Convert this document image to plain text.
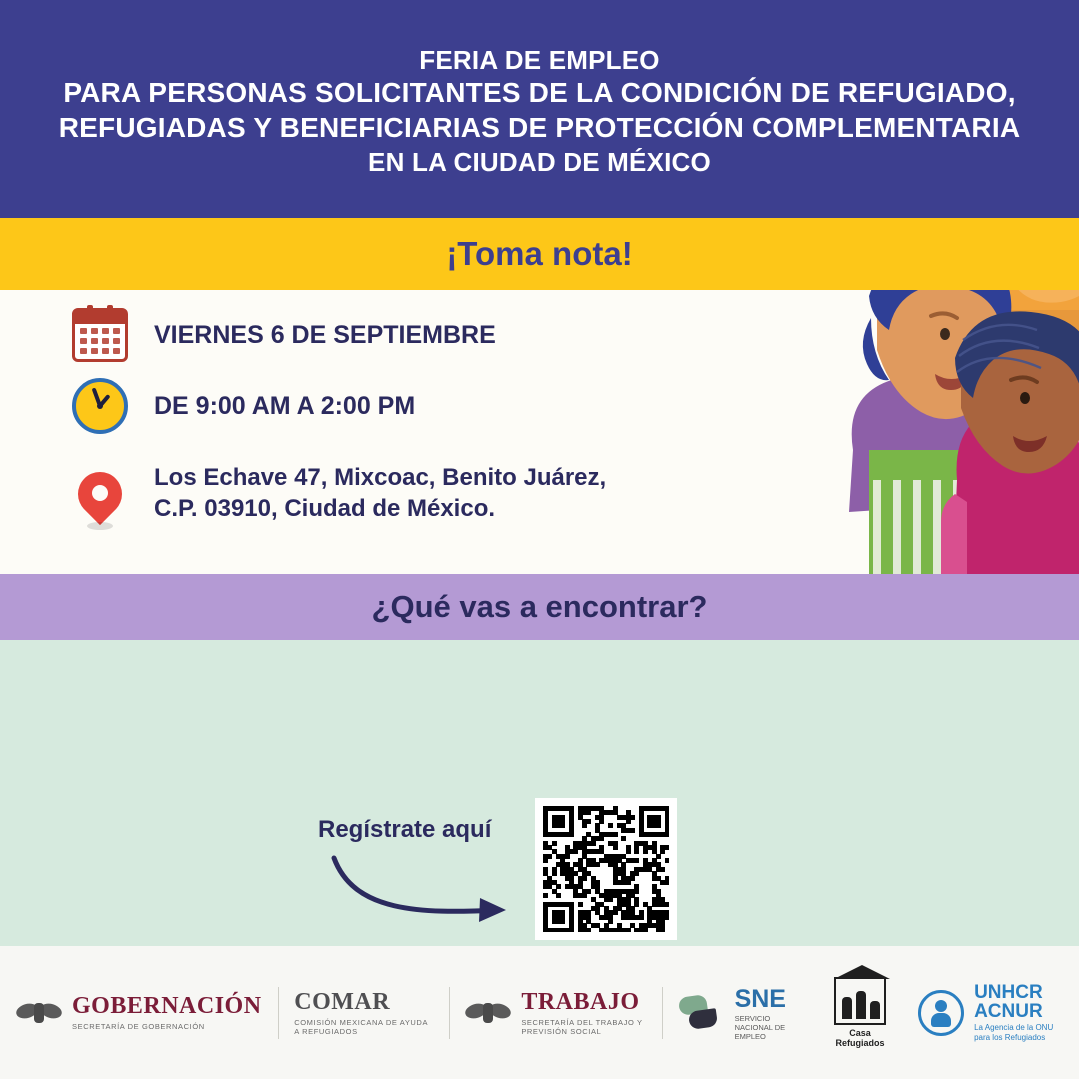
FERIA DE EMPLEO
PARA PERSONAS SOLICITANTES DE LA CONDICIÓN DE REFUGIADO,
REFUGIADAS Y BENEFICIARIAS DE PROTECCIÓN COMPLEMENTARIA
EN LA CIUDAD DE MÉXICO
¡Toma nota!
VIERNES 6 DE SEPTIEMBRE
DE 9:00 AM A 2:00 PM
Los Echave 47, Mixcoac, Benito Juárez,
C.P. 03910, Ciudad de México.
¿Qué vas a encontrar?
Regístrate aquí
GOBERNACIÓN
SECRETARÍA DE GOBERNACIÓN
COMAR
COMISIÓN MEXICANA DE AYUDA A REFUGIADOS
TRABAJO
SECRETARÍA DEL TRABAJO Y PREVISIÓN SOCIAL
SNE
SERVICIO NACIONAL DE EMPLEO	Casa Refugiados
UNHCR
ACNUR
La Agencia de la ONU para los Refugiados
